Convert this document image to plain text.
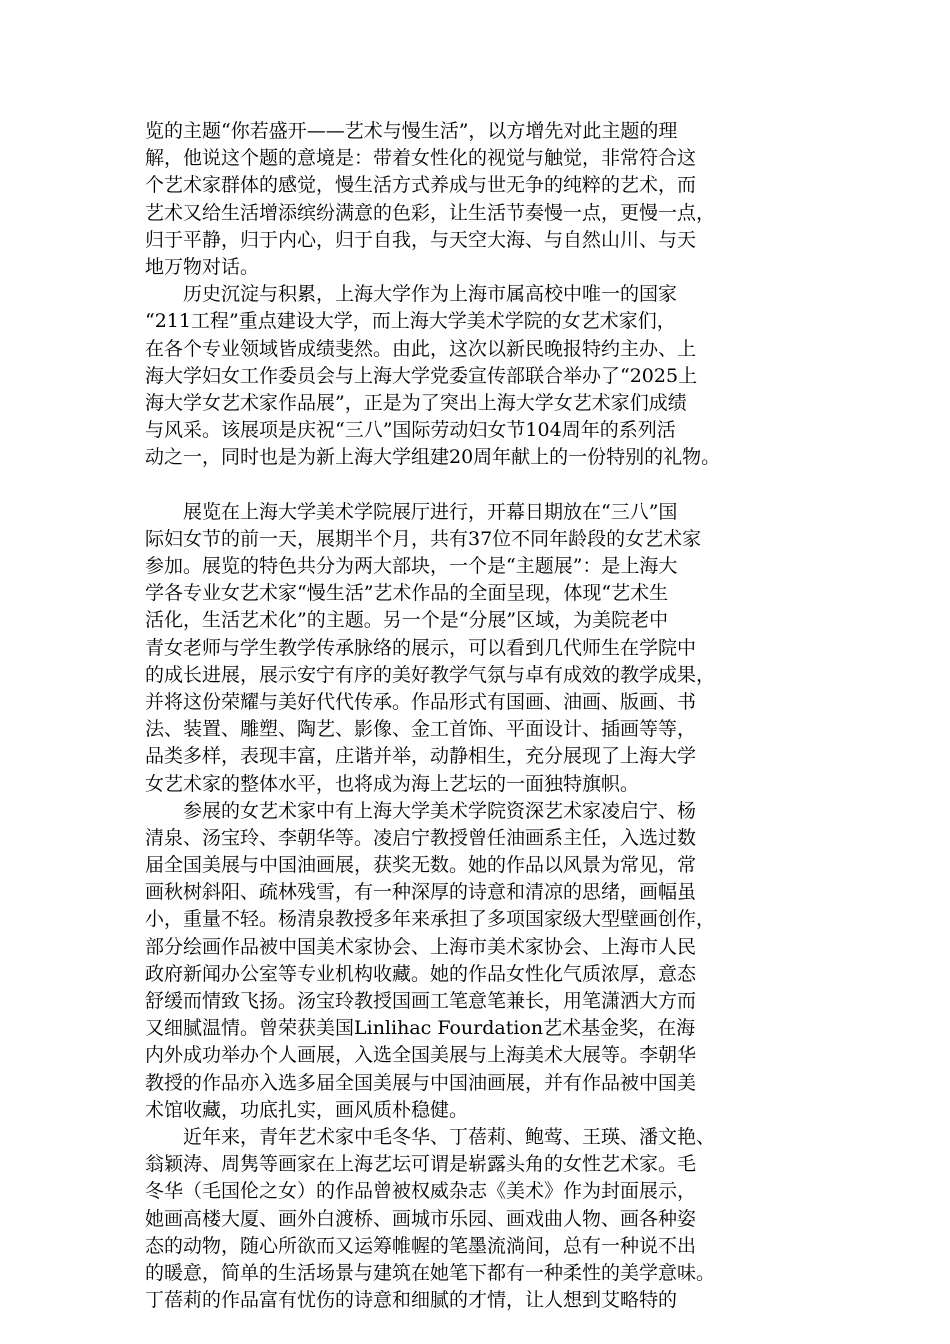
览的主题“你若盛开——艺术与慢生活”，以方增先对此主题的理
解，他说这个题的意境是：带着女性化的视觉与触觉，非常符合这
个艺术家群体的感觉，慢生活方式养成与世无争的纯粹的艺术，而
艺术又给生活增添缤纷满意的色彩，让生活节奏慢一点，更慢一点，
归于平静，归于内心，归于自我，与天空大海、与自然山川、与天
地万物对话。
　　历史沉淀与积累，上海大学作为上海市属高校中唯一的国家
“211工程”重点建设大学，而上海大学美术学院的女艺术家们，
在各个专业领域皆成绩斐然。由此，这次以新民晚报特约主办、上
海大学妇女工作委员会与上海大学党委宣传部联合举办了“2025上
海大学女艺术家作品展”，正是为了突出上海大学女艺术家们成绩
与风采。该展项是庆祝“三八”国际劳动妇女节104周年的系列活
动之一，同时也是为新上海大学组建20周年献上的一份特别的礼物。
　　展览在上海大学美术学院展厅进行，开幕日期放在“三八”国
际妇女节的前一天，展期半个月，共有37位不同年龄段的女艺术家
参加。展览的特色共分为两大部块，一个是“主题展”：是上海大
学各专业女艺术家“慢生活”艺术作品的全面呈现，体现“艺术生
活化，生活艺术化”的主题。另一个是“分展”区域，为美院老中
青女老师与学生教学传承脉络的展示，可以看到几代师生在学院中
的成长进展，展示安宁有序的美好教学气氛与卓有成效的教学成果，
并将这份荣耀与美好代代传承。作品形式有国画、油画、版画、书
法、装置、雕塑、陶艺、影像、金工首饰、平面设计、插画等等，
品类多样，表现丰富，庄谐并举，动静相生，充分展现了上海大学
女艺术家的整体水平，也将成为海上艺坛的一面独特旗帜。
　　参展的女艺术家中有上海大学美术学院资深艺术家凌启宁、杨
清泉、汤宝玲、李朝华等。凌启宁教授曾任油画系主任，入选过数
届全国美展与中国油画展，获奖无数。她的作品以风景为常见，常
画秋树斜阳、疏林残雪，有一种深厚的诗意和清凉的思绪，画幅虽
小，重量不轻。杨清泉教授多年来承担了多项国家级大型壁画创作，
部分绘画作品被中国美术家协会、上海市美术家协会、上海市人民
政府新闻办公室等专业机构收藏。她的作品女性化气质浓厚，意态
舒缓而情致飞扬。汤宝玲教授国画工笔意笔兼长，用笔潇洒大方而
又细腻温情。曾荣获美国Linlihac Fourdation艺术基金奖，在海
内外成功举办个人画展，入选全国美展与上海美术大展等。李朝华
教授的作品亦入选多届全国美展与中国油画展，并有作品被中国美
术馆收藏，功底扎实，画风质朴稳健。
　　近年来，青年艺术家中毛冬华、丁蓓莉、鲍莺、王瑛、潘文艳、
翁颖涛、周隽等画家在上海艺坛可谓是崭露头角的女性艺术家。毛
冬华（毛国伦之女）的作品曾被权威杂志《美术》作为封面展示，
她画高楼大厦、画外白渡桥、画城市乐园、画戏曲人物、画各种姿
态的动物，随心所欲而又运筹帷幄的笔墨流淌间，总有一种说不出
的暖意，简单的生活场景与建筑在她笔下都有一种柔性的美学意味。
丁蓓莉的作品富有忧伤的诗意和细腻的才情，让人想到艾略特的
